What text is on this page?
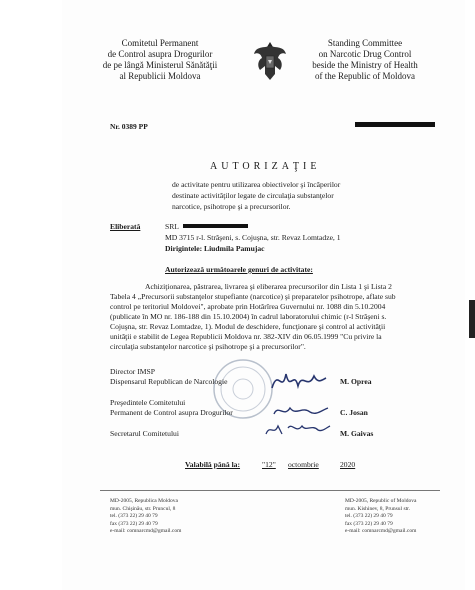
Comitetul Permanent
de Control asupra Drogurilor
de pe lângă Ministerul Sănătăţii
al Republicii Moldova
Standing Committee
on Narcotic Drug Control
beside the Ministry of Health
of the Republic of Moldova
Nr. 0389 PP
AUTORIZAŢIE
de activitate pentru utilizarea obiectivelor şi încăperilor
destinate activităţilor legate de circulaţia substanţelor
narcotice, psihotrope şi a precursorilor.
Eliberată	SRL
MD 3715 r-l. Străşeni, s. Cojuşna, str. Revaz Lomtadze, 1
Dirigintele: Liudmila Pamujac
Autorizează următoarele genuri de activitate:
Achiziţionarea, păstrarea, livrarea şi eliberarea precursorilor din Lista 1 şi Lista 2
Tabela 4 „Precursorii substanţelor stupefiante (narcotice) şi preparatelor psihotrope, aflate sub
control pe teritoriul Moldovei", aprobate prin Hotărîrea Guvernului nr. 1088 din 5.10.2004
(publicate în MO nr. 186-188 din 15.10.2004) în cadrul laboratorului chimic (r-l Străşeni s.
Cojuşna, str. Revaz Lomtadze, 1). Modul de deschidere, funcţionare şi control al activităţii
unităţii e stabilit de Legea Republicii Moldova nr. 382-XIV din 06.05.1999 "Cu privire la
circulaţia substanţelor narcotice şi psihotrope şi a precursorilor".
Director IMSP
Dispensarul Republican de Narcologie	M. Oprea
Preşedintele Comitetului
Permanent de Control asupra Drogurilor	C. Josan
Secretarul Comitetului	M. Gaivas
Valabilă până la:	"12" octombrie	2020
MD-2005, Republica Moldova
mun. Chişinău, str. Pruncul, 8
tel. (373 22) 29 40 79
fax (373 22) 29 40 79
e-mail: comnarcmd@gmail.com
MD-2005, Republic of Moldova
mun. Kishinev, 8, Prunsul str.
tel. (373 22) 29 40 79
fax (373 22) 29 40 79
e-mail: comnarcmd@gmail.com
